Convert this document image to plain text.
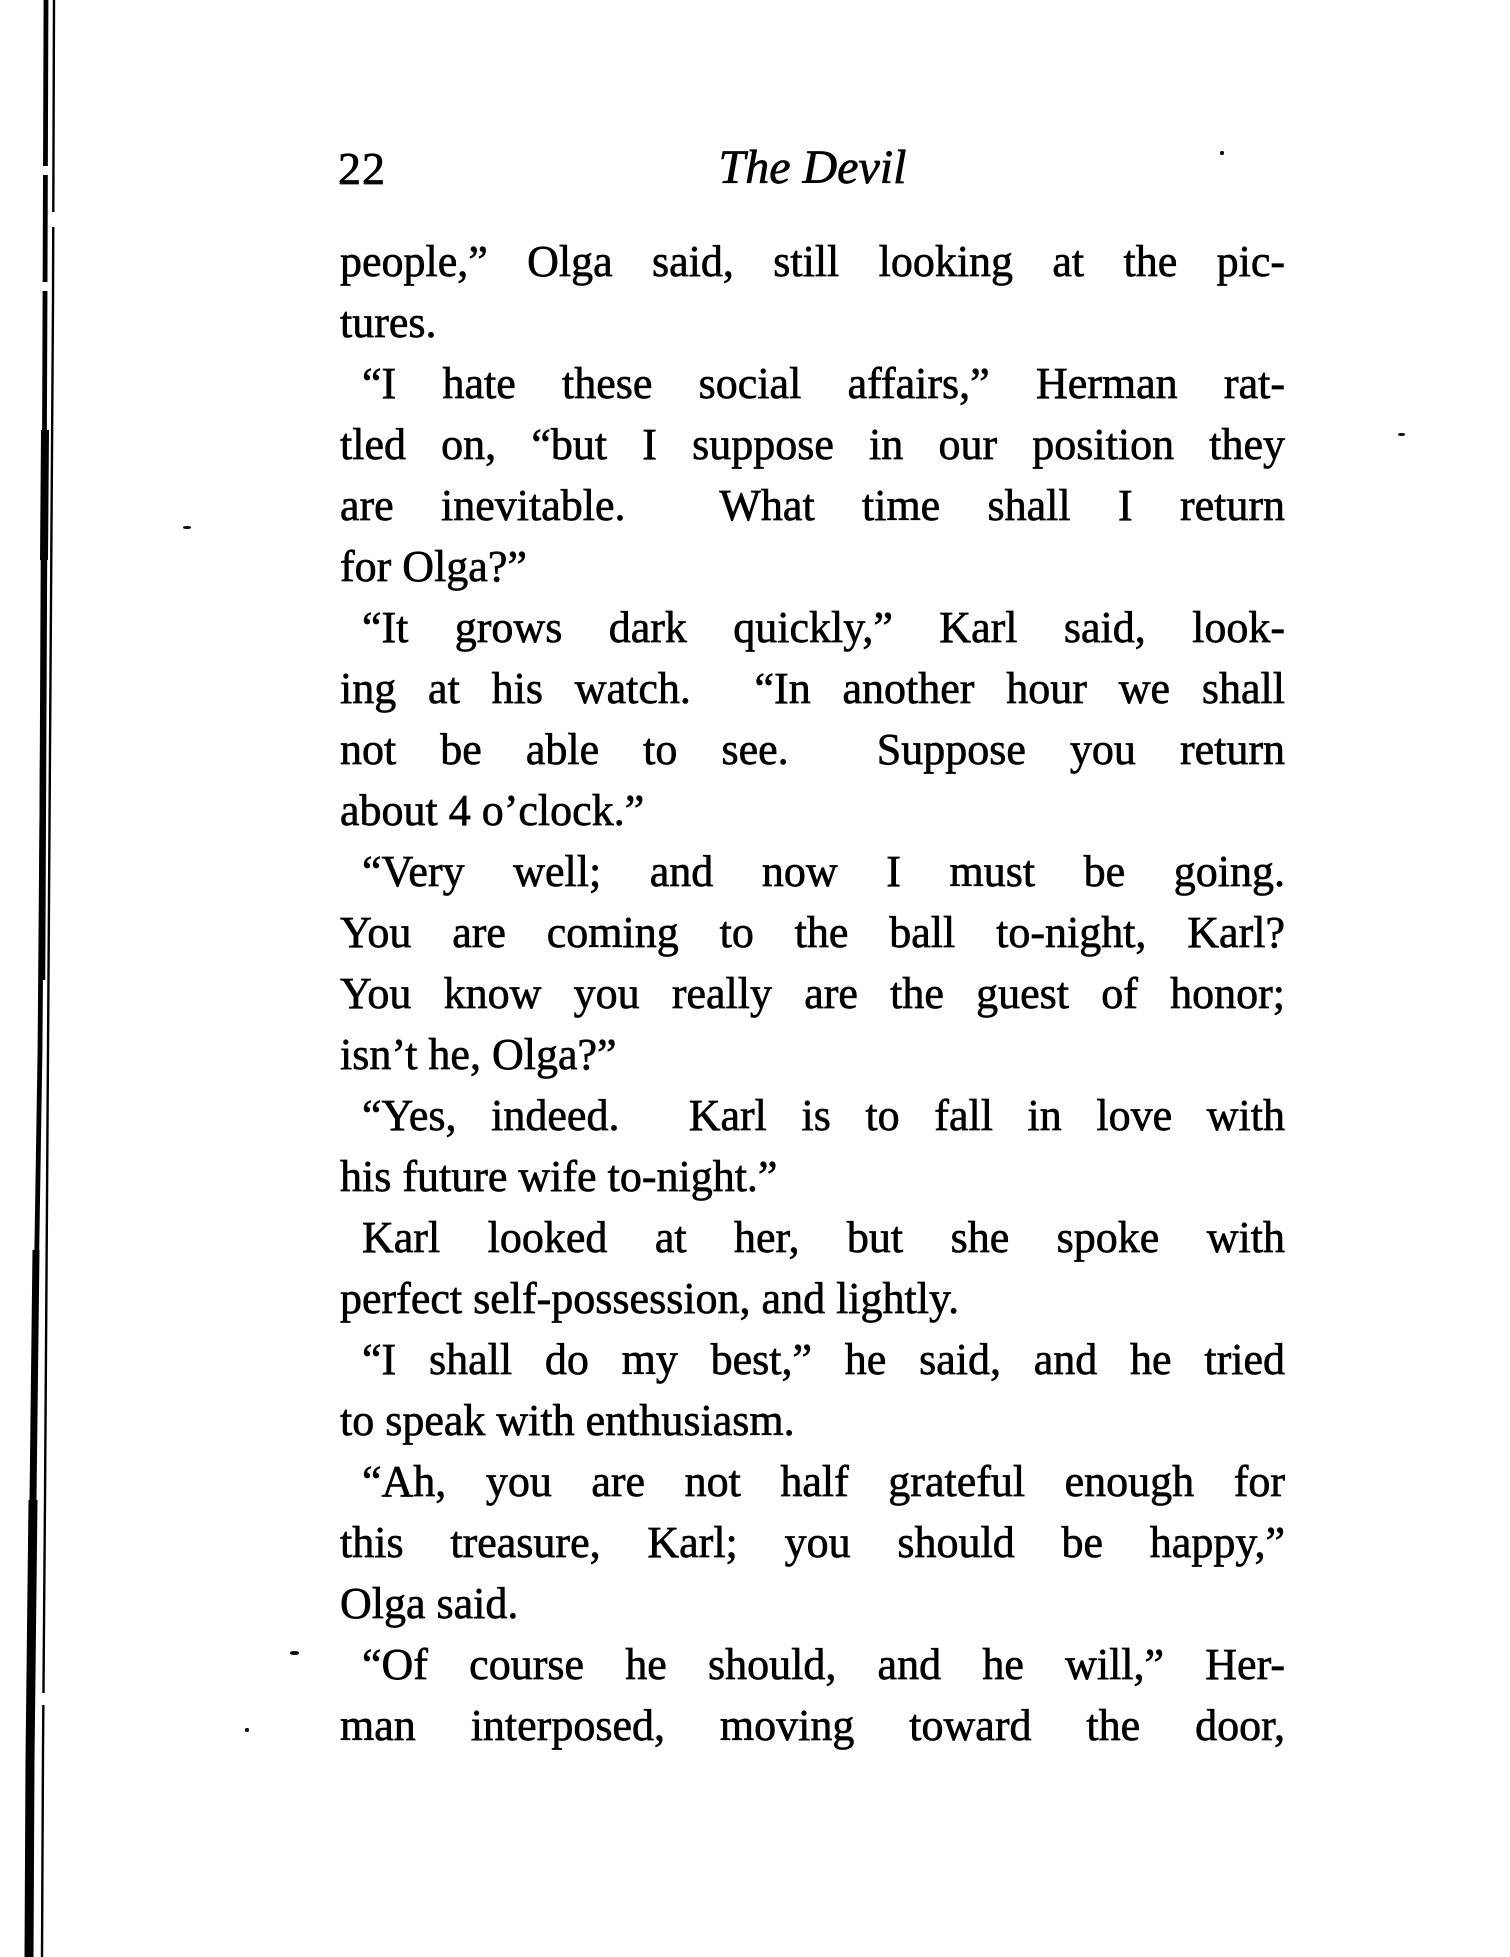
22	The Devil
people,” Olga said, still looking at the pic-
tures.
“I hate these social affairs,” Herman rat-
tled on, “but I suppose in our position they
are inevitable.  What time shall I return
for Olga?”
“It grows dark quickly,” Karl said, look-
ing at his watch.  “In another hour we shall
not be able to see.  Suppose you return
about 4 o’clock.”
“Very well; and now I must be going.
You are coming to the ball to-night, Karl?
You know you really are the guest of honor;
isn’t he, Olga?”
“Yes, indeed.  Karl is to fall in love with
his future wife to-night.”
Karl looked at her, but she spoke with
perfect self-possession, and lightly.
“I shall do my best,” he said, and he tried
to speak with enthusiasm.
“Ah, you are not half grateful enough for
this treasure, Karl; you should be happy,”
Olga said.
“Of course he should, and he will,” Her-
man interposed, moving toward the door,
